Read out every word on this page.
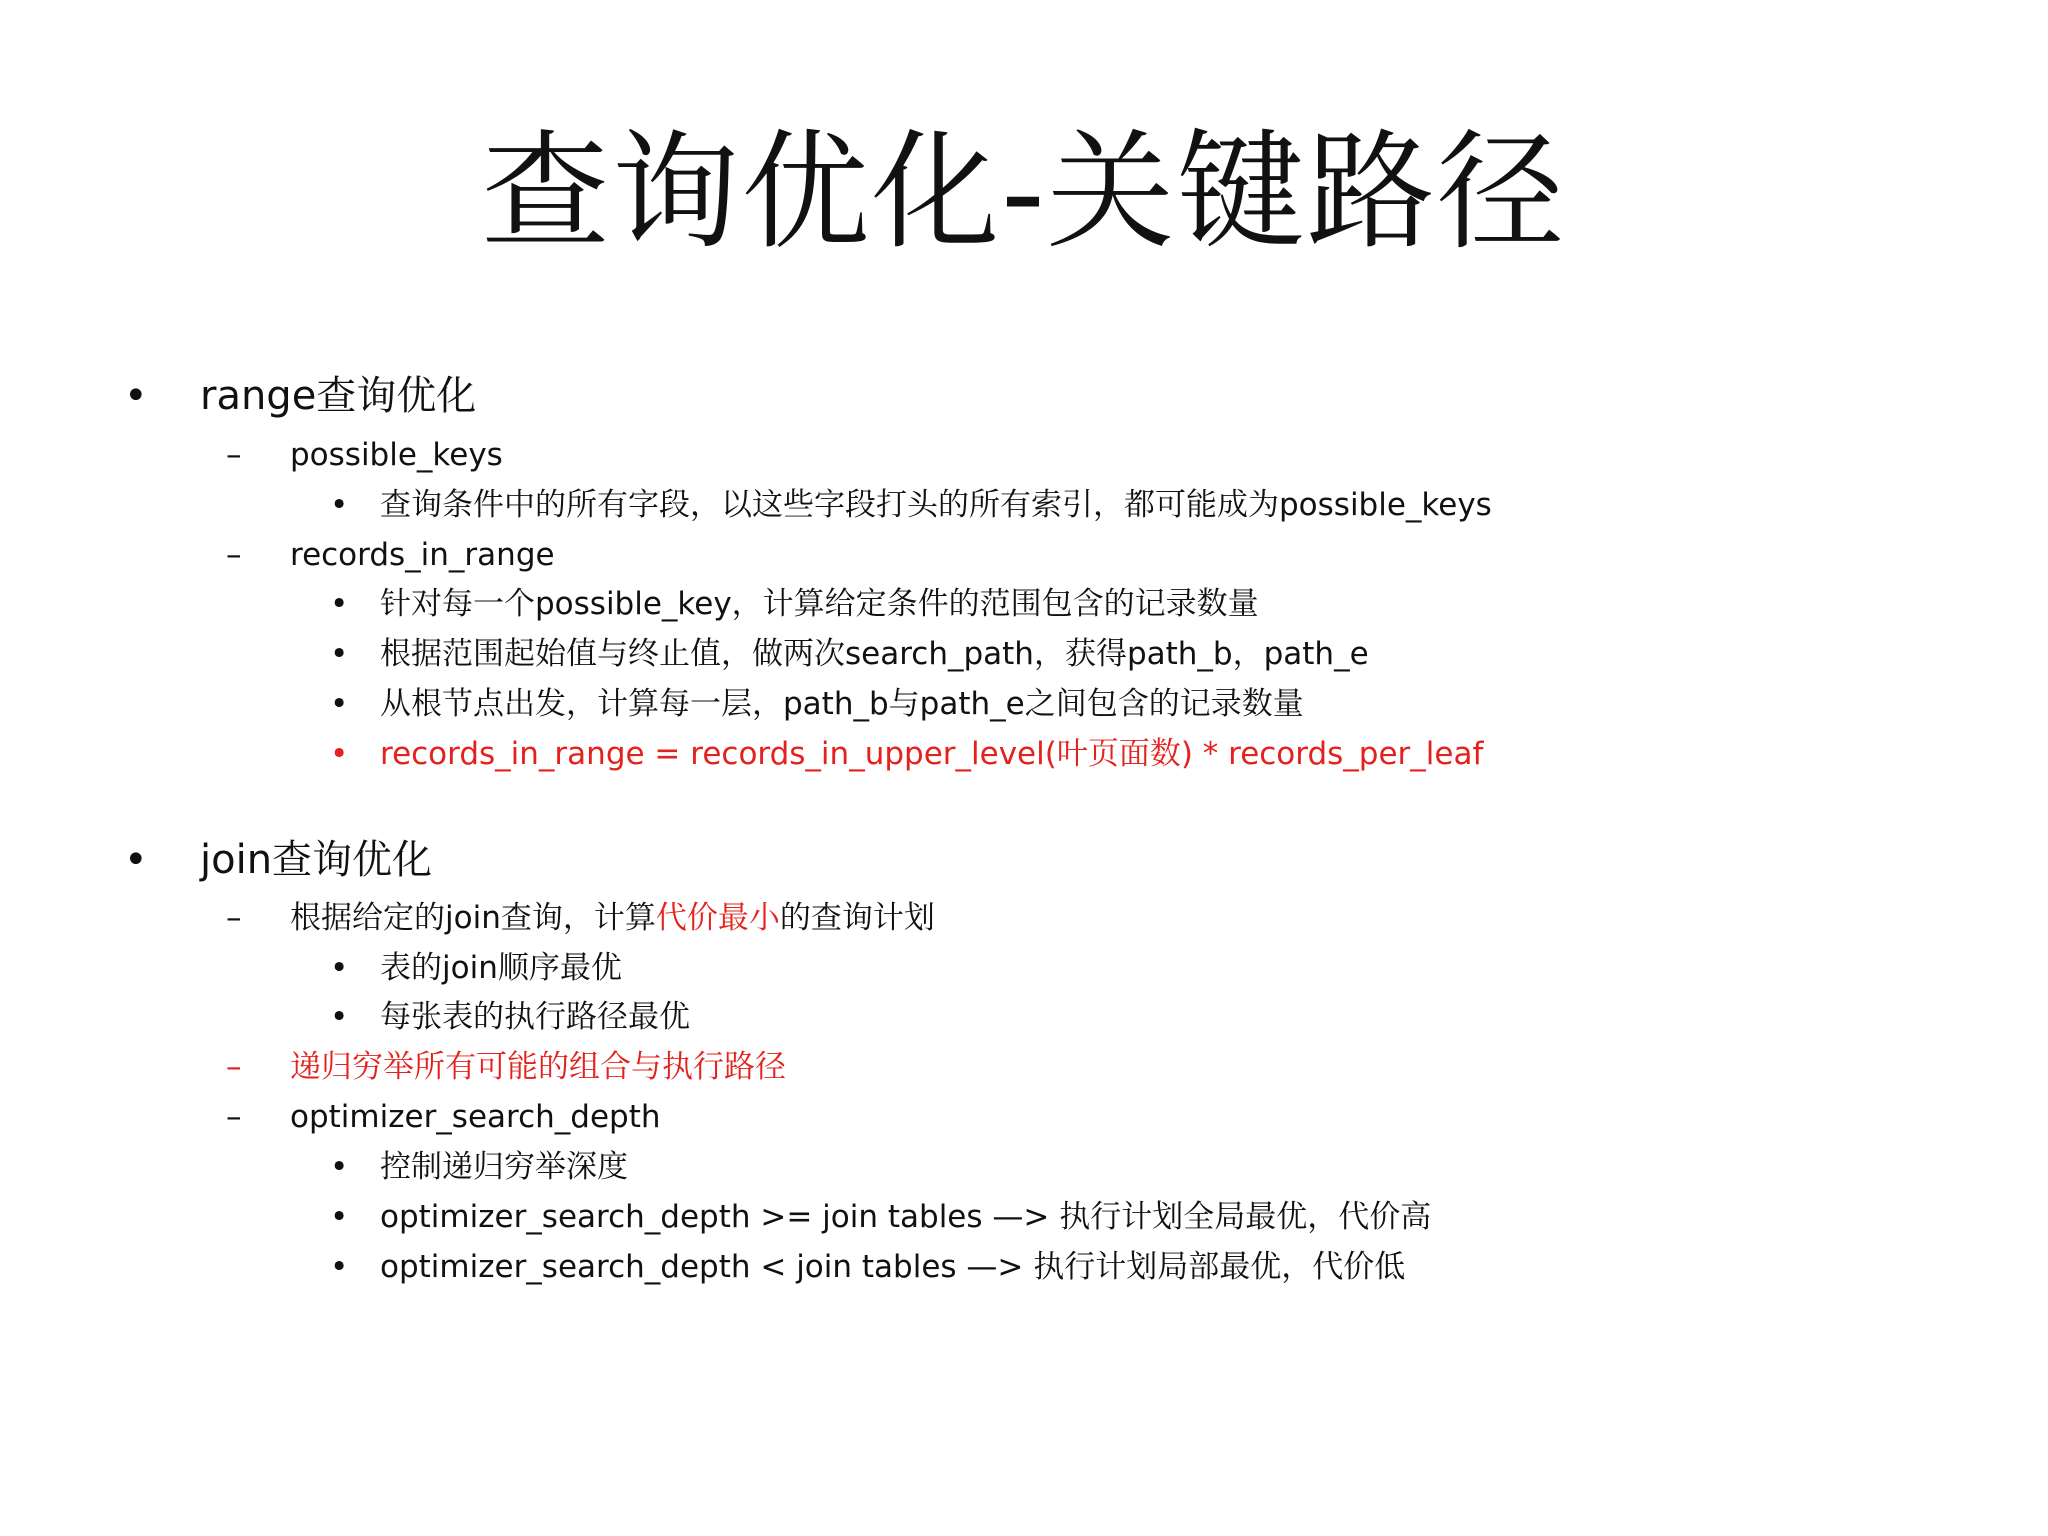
查询优化-关键路径
• range查询优化
– possible_keys
• 查询条件中的所有字段，以这些字段打头的所有索引，都可能成为possible_keys
– records_in_range
• 针对每一个possible_key，计算给定条件的范围包含的记录数量
• 根据范围起始值与终止值，做两次search_path，获得path_b，path_e
• 从根节点出发，计算每一层，path_b与path_e之间包含的记录数量
• records_in_range = records_in_upper_level(叶页面数) * records_per_leaf
• join查询优化
– 根据给定的join查询，计算代价最小的查询计划
• 表的join顺序最优
• 每张表的执行路径最优
– 递归穷举所有可能的组合与执行路径
– optimizer_search_depth
• 控制递归穷举深度
• optimizer_search_depth >= join tables —> 执行计划全局最优，代价高
• optimizer_search_depth < join tables —> 执行计划局部最优，代价低
